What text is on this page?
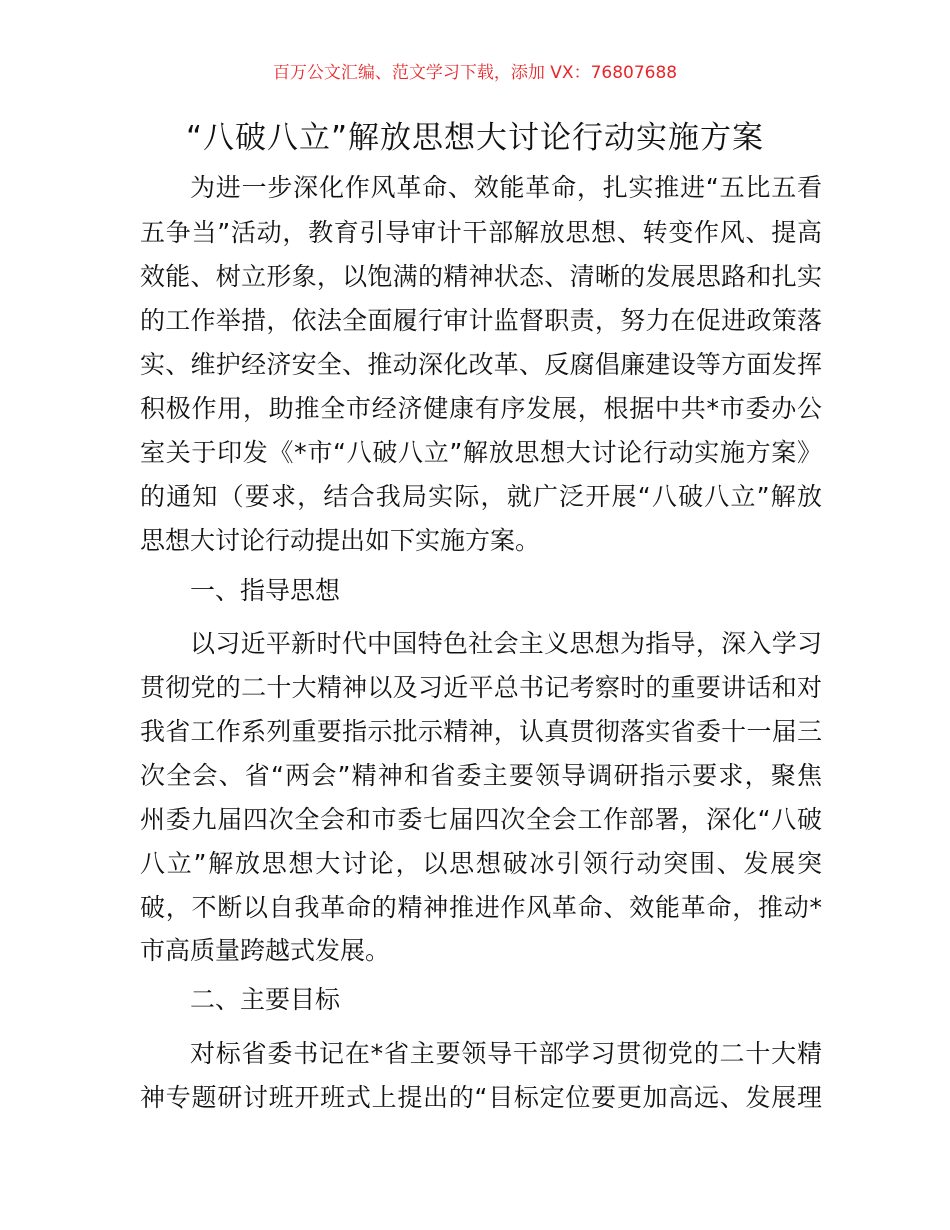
百万公文汇编、范文学习下载，添加 VX：76807688
“八破八立”解放思想大讨论行动实施方案
为进一步深化作风革命、效能革命，扎实推进“五比五看
五争当”活动，教育引导审计干部解放思想、转变作风、提高
效能、树立形象，以饱满的精神状态、清晰的发展思路和扎实
的工作举措，依法全面履行审计监督职责，努力在促进政策落
实、维护经济安全、推动深化改革、反腐倡廉建设等方面发挥
积极作用，助推全市经济健康有序发展，根据中共*市委办公
室关于印发《*市“八破八立”解放思想大讨论行动实施方案》
的通知（要求，结合我局实际，就广泛开展“八破八立”解放
思想大讨论行动提出如下实施方案。
一、指导思想
以习近平新时代中国特色社会主义思想为指导，深入学习
贯彻党的二十大精神以及习近平总书记考察时的重要讲话和对
我省工作系列重要指示批示精神，认真贯彻落实省委十一届三
次全会、省“两会”精神和省委主要领导调研指示要求，聚焦
州委九届四次全会和市委七届四次全会工作部署，深化“八破
八立”解放思想大讨论，以思想破冰引领行动突围、发展突
破，不断以自我革命的精神推进作风革命、效能革命，推动*
市高质量跨越式发展。
二、主要目标
对标省委书记在*省主要领导干部学习贯彻党的二十大精
神专题研讨班开班式上提出的“目标定位要更加高远、发展理
